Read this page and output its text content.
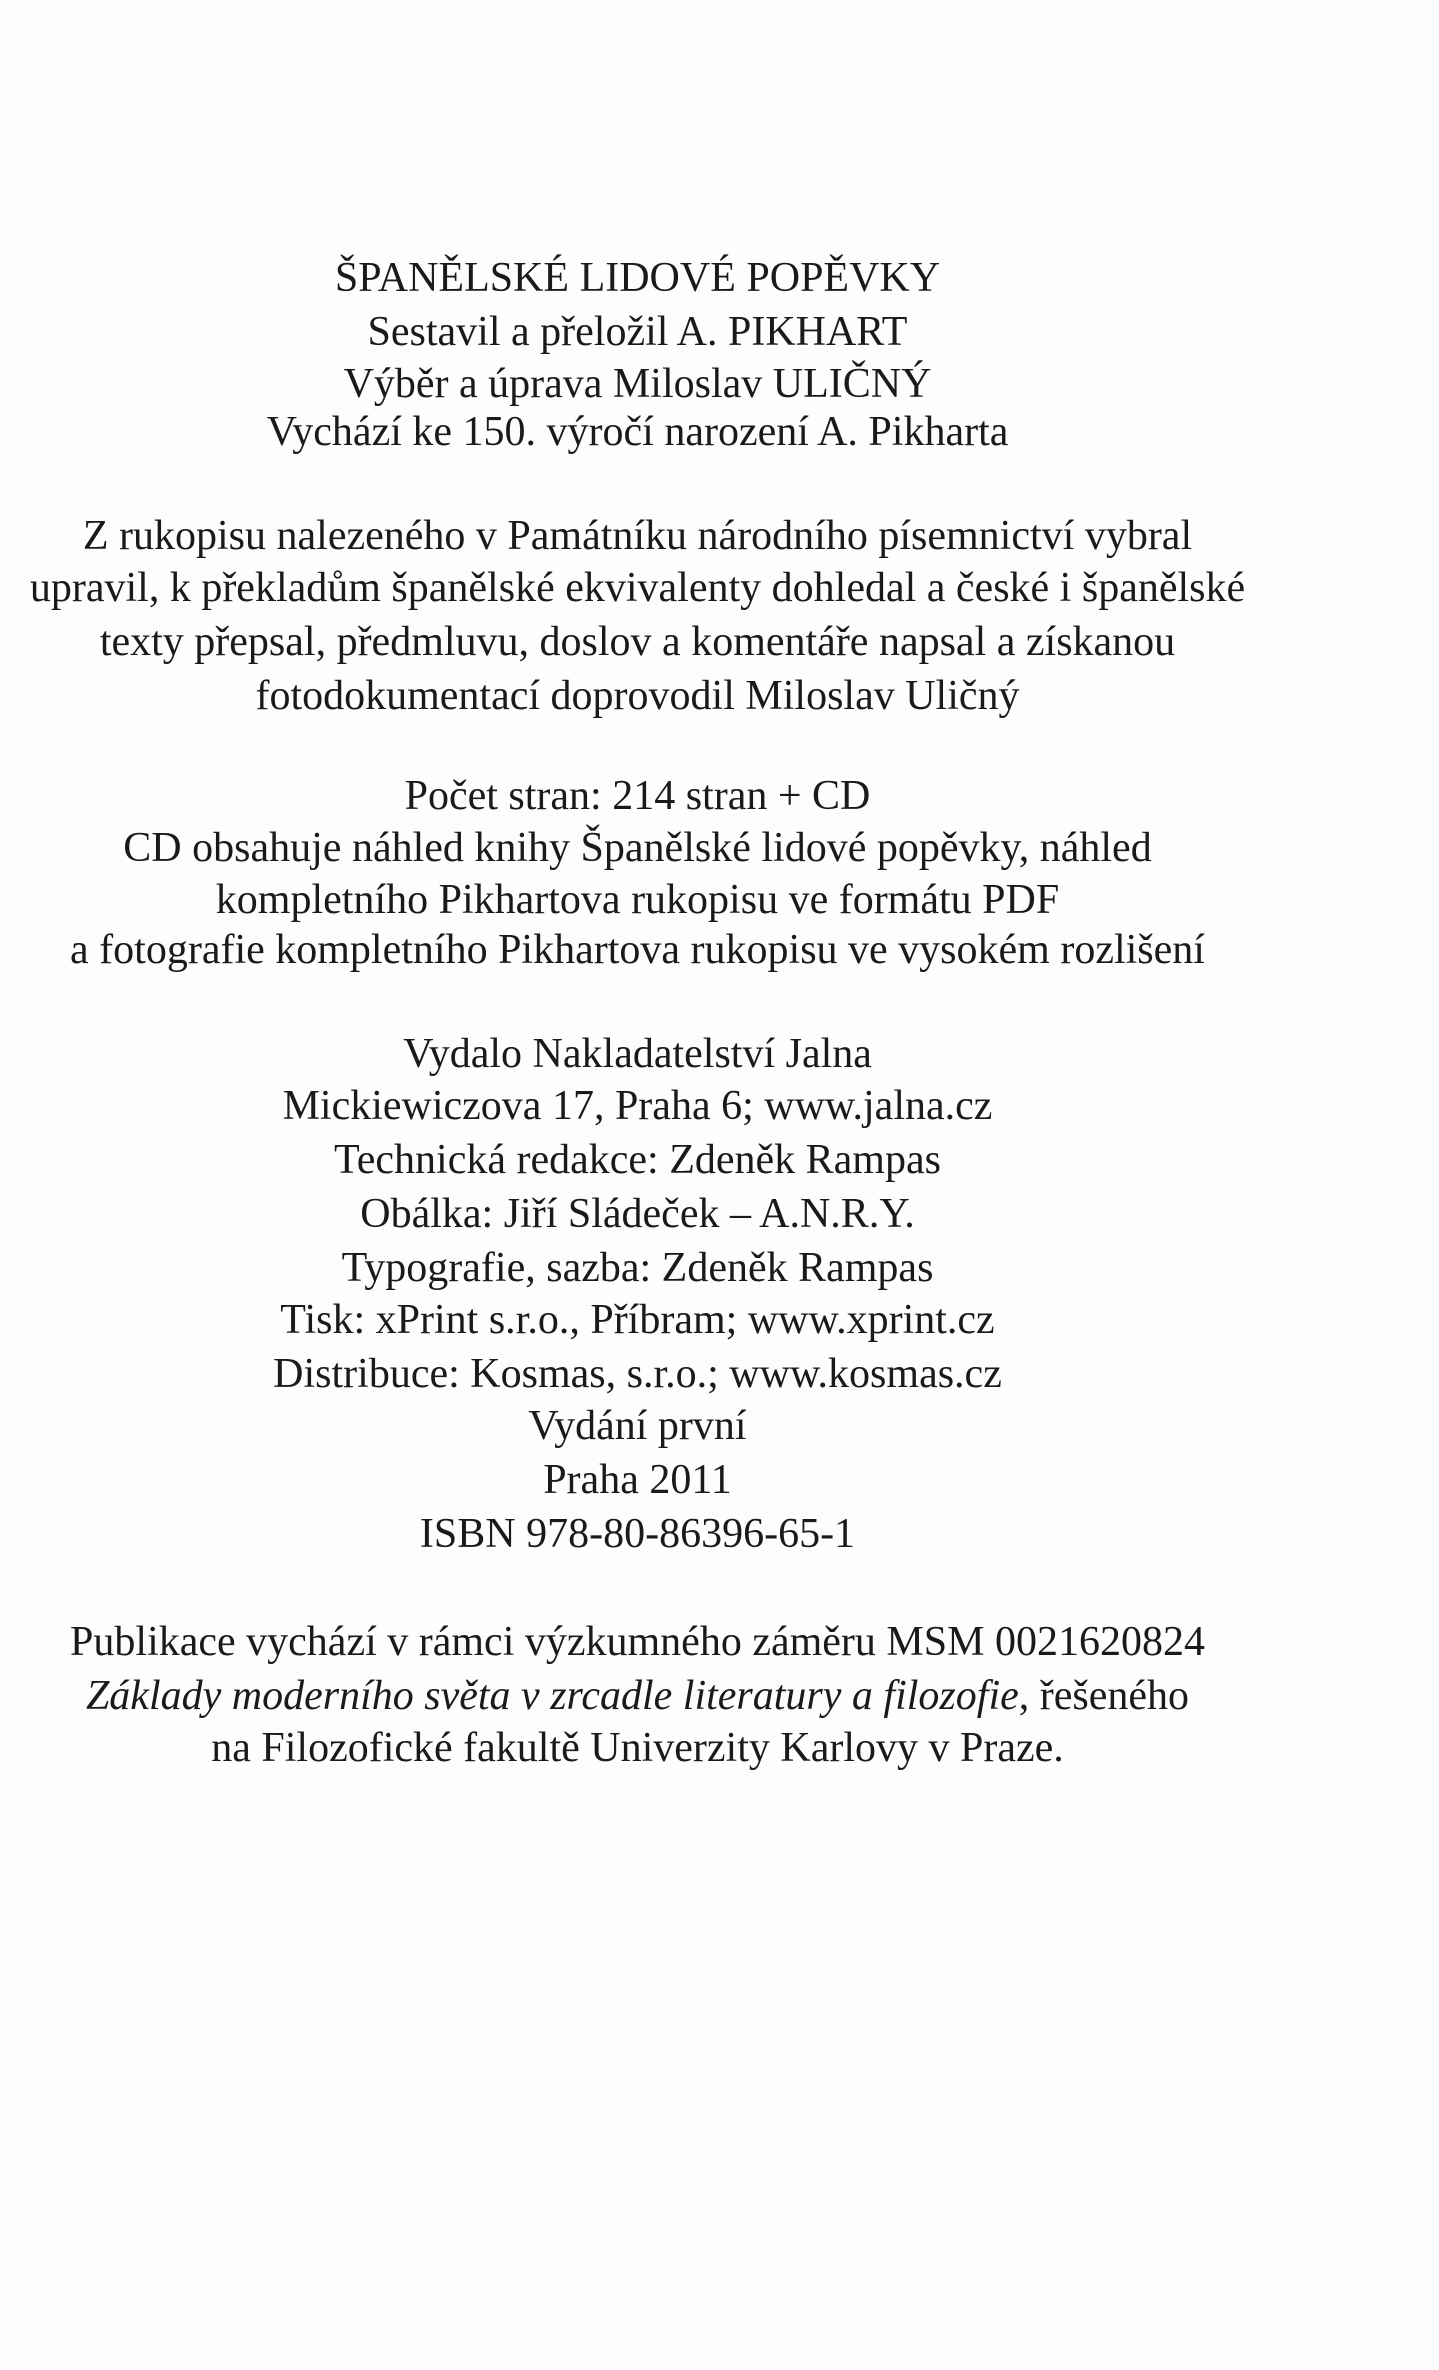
ŠPANĚLSKÉ LIDOVÉ POPĚVKY
Sestavil a přeložil A. PIKHART
Výběr a úprava Miloslav ULIČNÝ
Vychází ke 150. výročí narození A. Pikharta
Z rukopisu nalezeného v Památníku národního písemnictví vybral
upravil, k překladům španělské ekvivalenty dohledal a české i španělské
texty přepsal, předmluvu, doslov a komentáře napsal a získanou
fotodokumentací doprovodil Miloslav Uličný
Počet stran: 214 stran + CD
CD obsahuje náhled knihy Španělské lidové popěvky, náhled
kompletního Pikhartova rukopisu ve formátu PDF
a fotografie kompletního Pikhartova rukopisu ve vysokém rozlišení
Vydalo Nakladatelství Jalna
Mickiewiczova 17, Praha 6; www.jalna.cz
Technická redakce: Zdeněk Rampas
Obálka: Jiří Sládeček – A.N.R.Y.
Typografie, sazba: Zdeněk Rampas
Tisk: xPrint s.r.o., Příbram; www.xprint.cz
Distribuce: Kosmas, s.r.o.; www.kosmas.cz
Vydání první
Praha 2011
ISBN 978-80-86396-65-1
Publikace vychází v rámci výzkumného záměru MSM 0021620824
Základy moderního světa v zrcadle literatury a filozofie, řešeného
na Filozofické fakultě Univerzity Karlovy v Praze.
